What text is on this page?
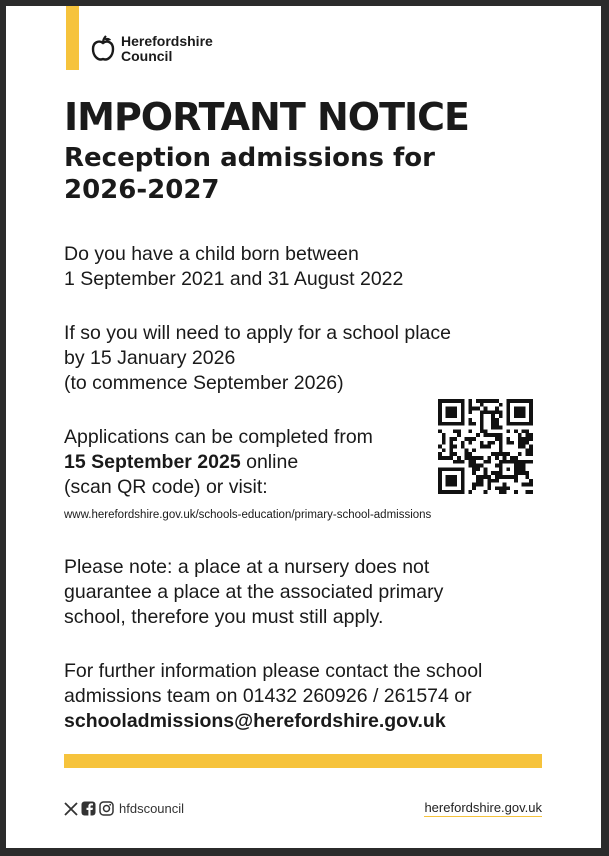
Herefordshire
Council
IMPORTANT NOTICE
Reception admissions for 2026-2027
Do you have a child born between
1 September 2021 and 31 August 2022
If so you will need to apply for a school place
by 15 January 2026
(to commence September 2026)
Applications can be completed from
15 September 2025 online
(scan QR code) or visit:
www.herefordshire.gov.uk/schools-education/primary-school-admissions
Please note: a place at a nursery does not
guarantee a place at the associated primary
school, therefore you must still apply.
For further information please contact the school
admissions team on 01432 260926 / 261574 or
schooladmissions@herefordshire.gov.uk
hfdscouncil	herefordshire.gov.uk
